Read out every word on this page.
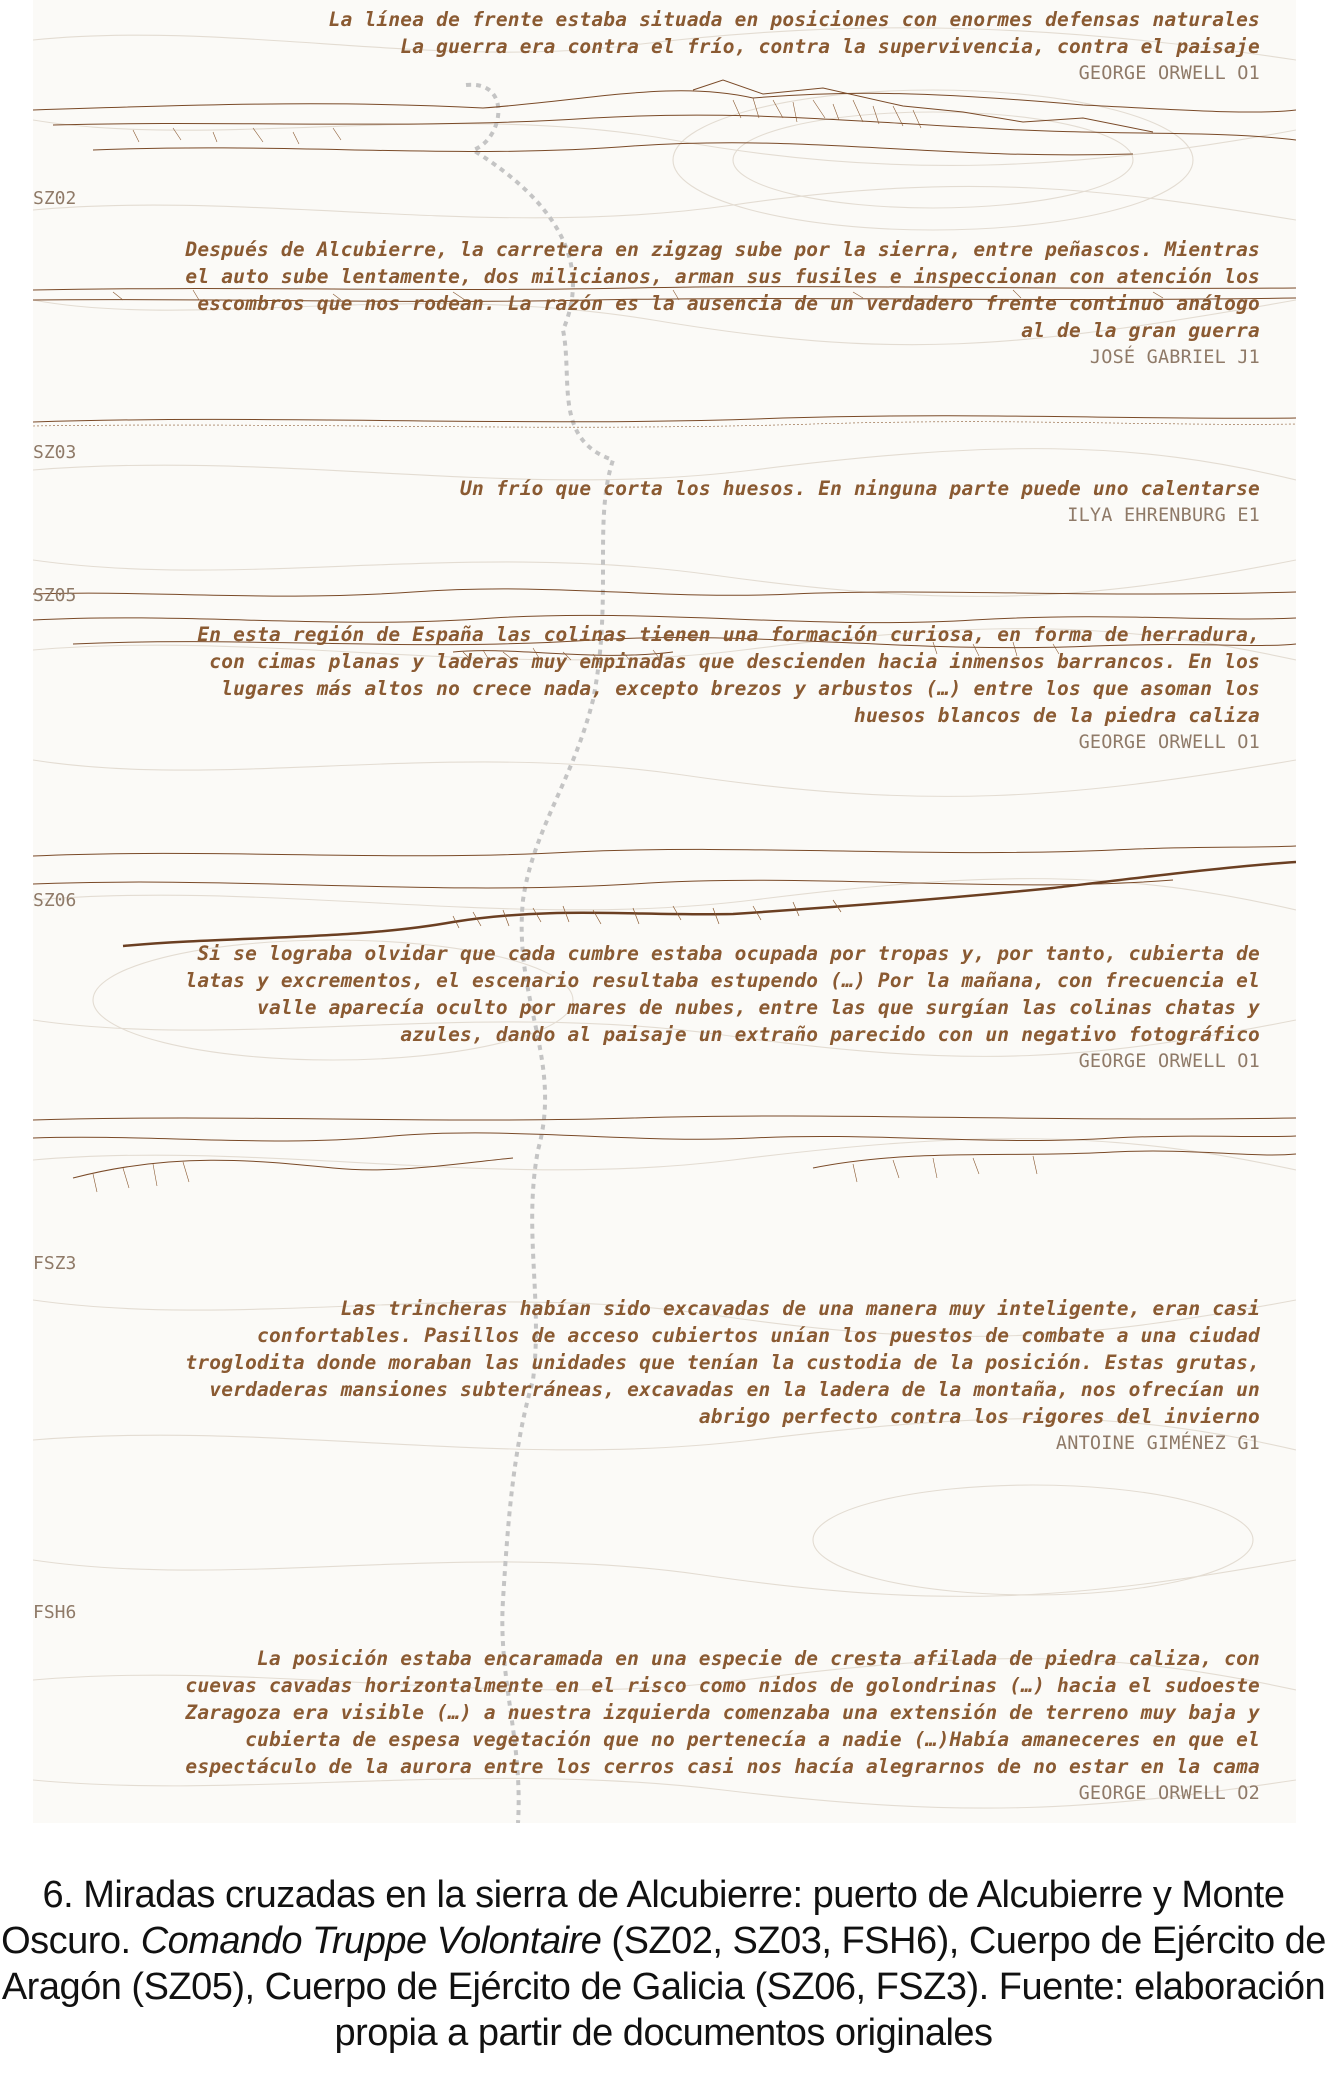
SZ02
SZ03
SZ05
SZ06
FSZ3
FSH6

La línea de frente estaba situada en posiciones con enormes defensas naturales

La guerra era contra el frío, contra la supervivencia, contra el paisaje

GEORGE ORWELL O1

Después de Alcubierre, la carretera en zigzag sube por la sierra, entre peñascos. Mientras

el auto sube lentamente, dos milicianos, arman sus fusiles e inspeccionan con atención los

escombros que nos rodean. La razón es la ausencia de un verdadero frente continuo análogo

al de la gran guerra

JOSÉ GABRIEL J1

Un frío que corta los huesos. En ninguna parte puede uno calentarse

ILYA EHRENBURG E1

En esta región de España las colinas tienen una formación curiosa, en forma de herradura,

con cimas planas y laderas muy empinadas que descienden hacia inmensos barrancos. En los

lugares más altos no crece nada, excepto brezos y arbustos (…) entre los que asoman los

huesos blancos de la piedra caliza

GEORGE ORWELL O1

Si se lograba olvidar que cada cumbre estaba ocupada por tropas y, por tanto, cubierta de

latas y excrementos, el escenario resultaba estupendo (…) Por la mañana, con frecuencia el

valle aparecía oculto por mares de nubes, entre las que surgían las colinas chatas y

azules, dando al paisaje un extraño parecido con un negativo fotográfico

GEORGE ORWELL O1

Las trincheras habían sido excavadas de una manera muy inteligente, eran casi

confortables. Pasillos de acceso cubiertos unían los puestos de combate a una ciudad

troglodita donde moraban las unidades que tenían la custodia de la posición. Estas grutas,

verdaderas mansiones subterráneas, excavadas en la ladera de la montaña, nos ofrecían un

abrigo perfecto contra los rigores del invierno

ANTOINE GIMÉNEZ G1

La posición estaba encaramada en una especie de cresta afilada de piedra caliza, con

cuevas cavadas horizontalmente en el risco como nidos de golondrinas (…) hacia el sudoeste

Zaragoza era visible (…) a nuestra izquierda comenzaba una extensión de terreno muy baja y

cubierta de espesa vegetación que no pertenecía a nadie (…)Había amaneceres en que el

espectáculo de la aurora entre los cerros casi nos hacía alegrarnos de no estar en la cama

GEORGE ORWELL O2

6. Miradas cruzadas en la sierra de Alcubierre: puerto de Alcubierre y Monte
Oscuro. Comando Truppe Volontaire (SZ02, SZ03, FSH6), Cuerpo de Ejército de
Aragón (SZ05), Cuerpo de Ejército de Galicia (SZ06, FSZ3). Fuente: elaboración
propia a partir de documentos originales
